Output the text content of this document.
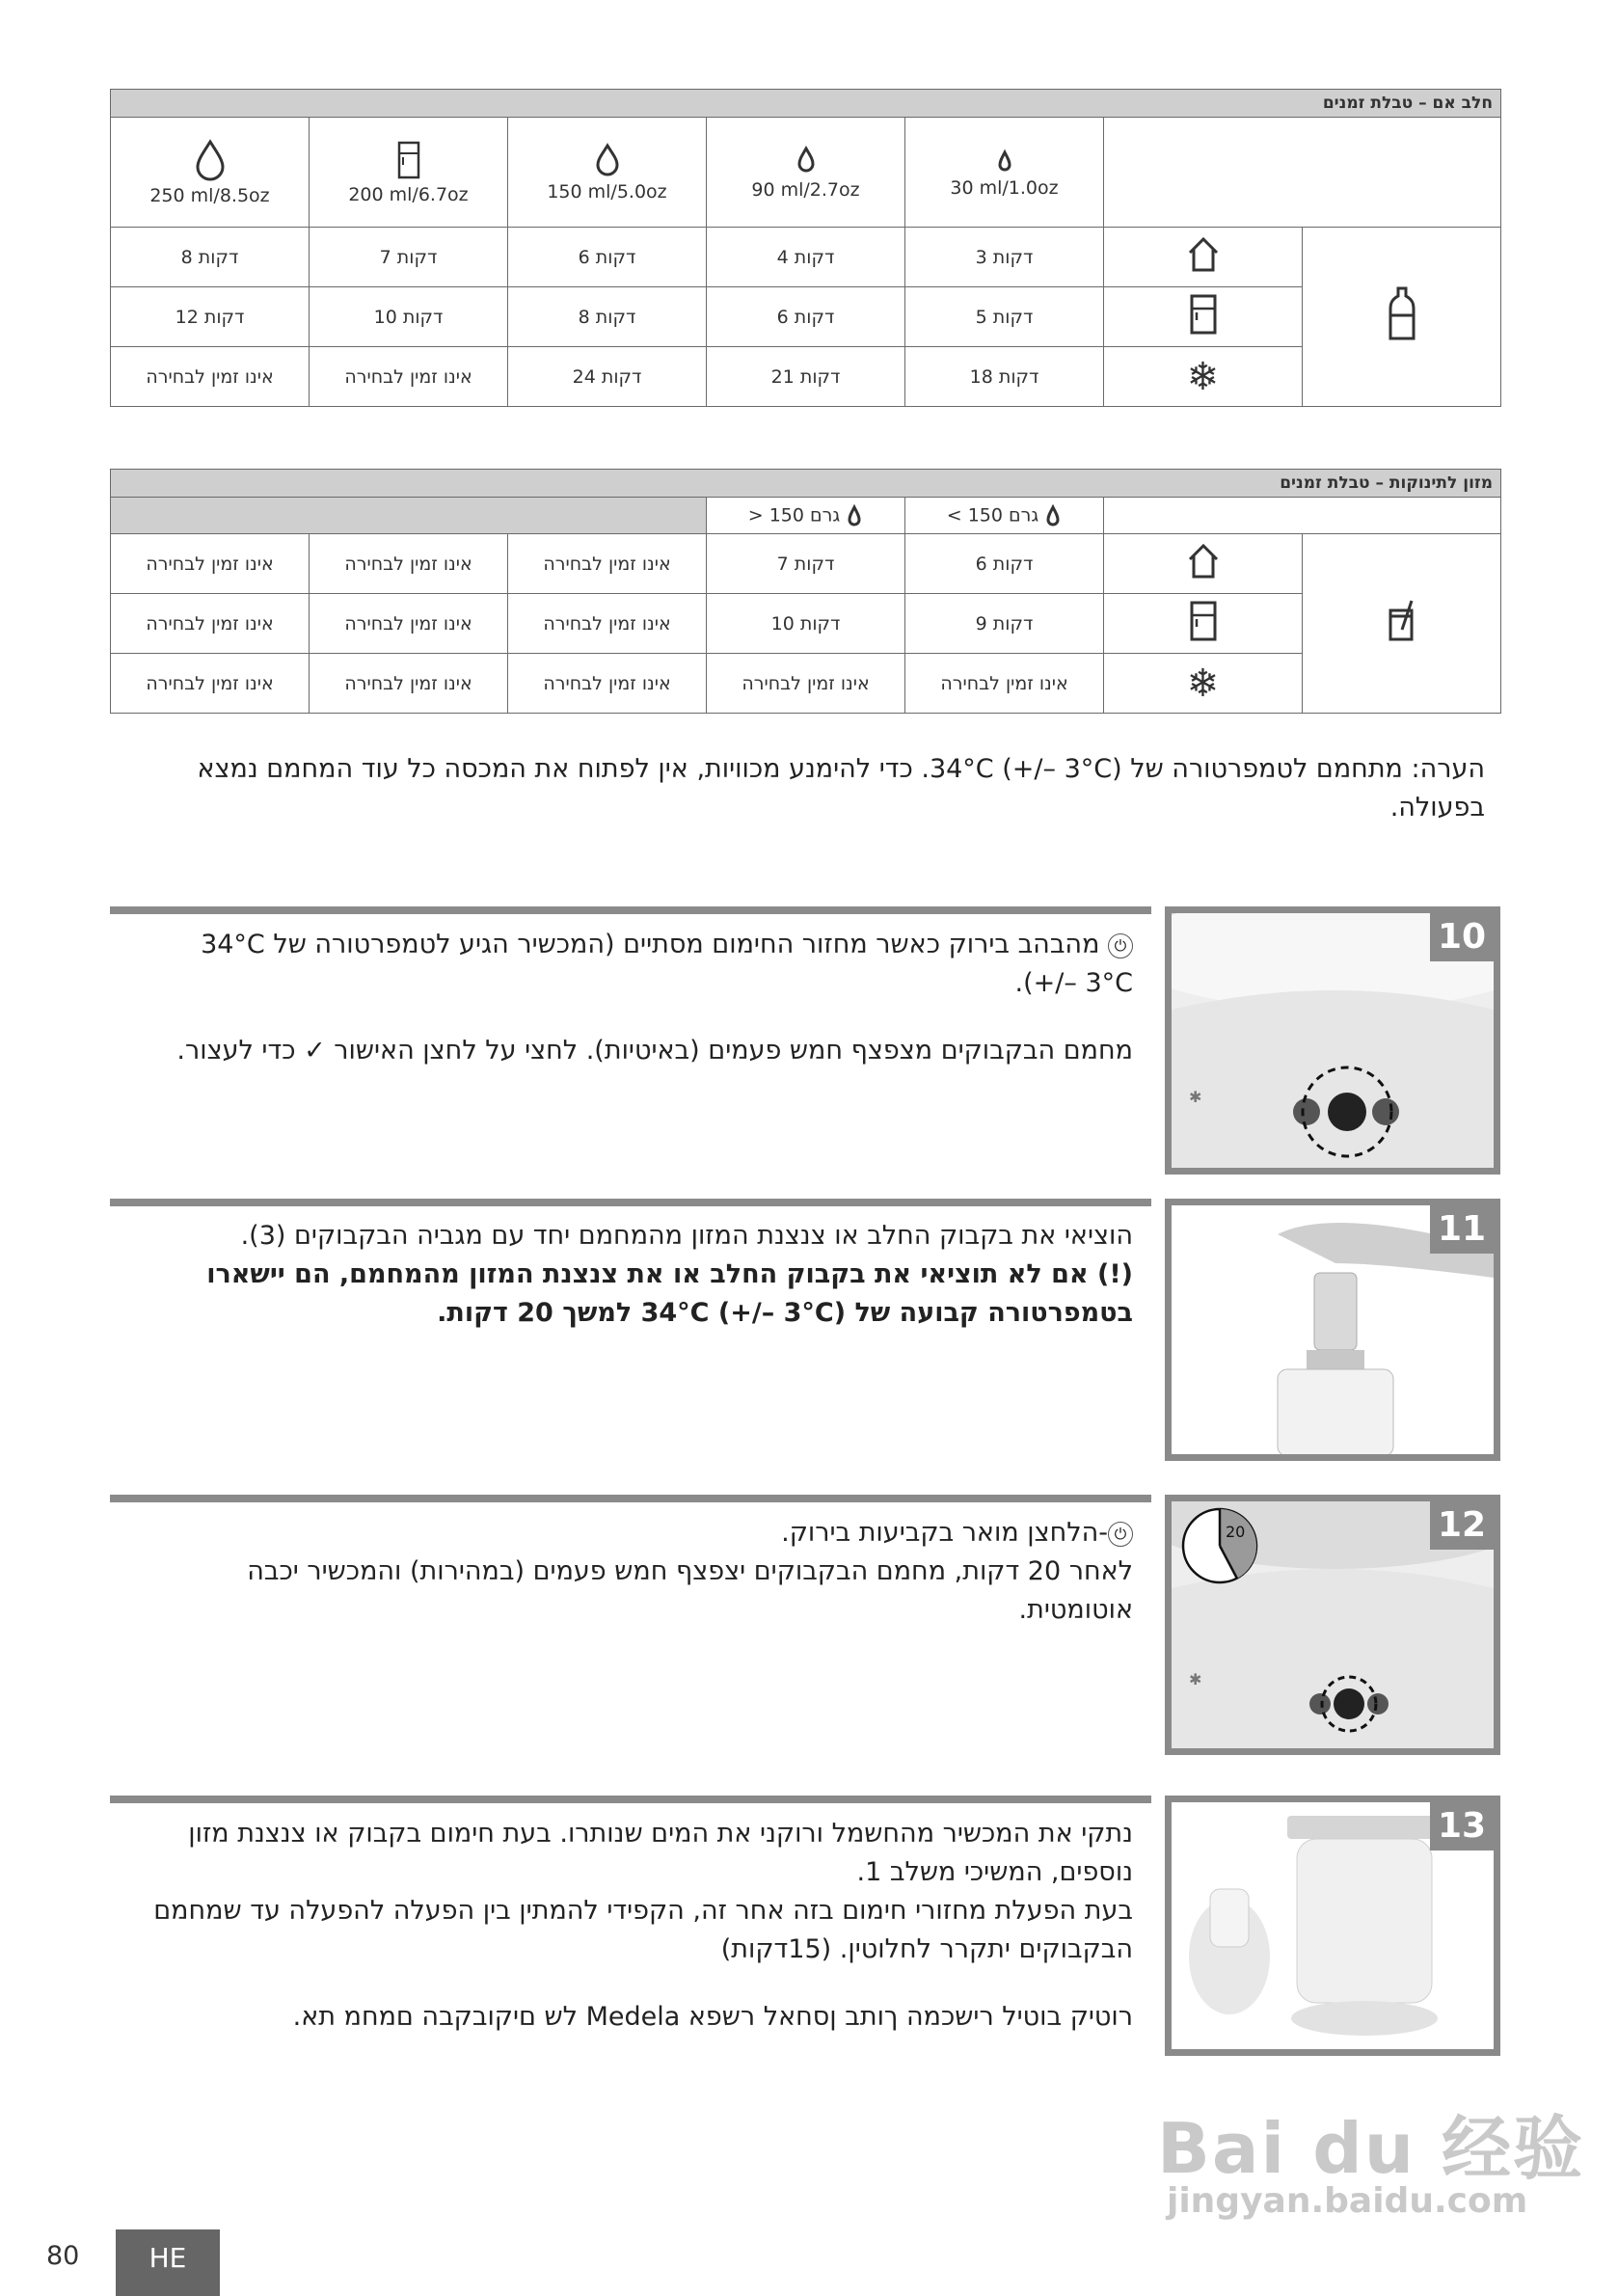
חלב אם – טבלת זמנים						

250 ml/8.5oz	200 ml/6.7oz	150 ml/5.0oz	90 ml/2.7oz	30 ml/1.0oz		
8 דקות	7 דקות	6 דקות	4 דקות	3 דקות		
12 דקות	10 דקות	8 דקות	6 דקות	5 דקות	
אינו זמין לבחירה	אינו זמין לבחירה	24 דקות	21 דקות	18 דקות	❄	
מזון לתינוקות – טבלת זמנים						
			> 150 גרם	< 150 גרם		
אינו זמין לבחירה	אינו זמין לבחירה	אינו זמין לבחירה	7 דקות	6 דקות		
אינו זמין לבחירה	אינו זמין לבחירה	אינו זמין לבחירה	10 דקות	9 דקות	
אינו זמין לבחירה	אינו זמין לבחירה	אינו זמין לבחירה	אינו זמין לבחירה	אינו זמין לבחירה	❄	
הערה: מתחמם לטמפרטורה של (34°C (+/– 3°C. כדי להימנע מכוויות, אין לפתוח את המכסה כל עוד המחמם נמצא בפעולה.
✱
10
⏻ מהבהב בירוק כאשר מחזור החימום מסתיים (המכשיר הגיע לטמפרטורה של 34°C +/– 3°C).
מחמם הבקבוקים מצפצף חמש פעמים (באיטיות). לחצי על לחצן האישור ✓ כדי לעצור.
11
הוציאי את בקבוק החלב או צנצנת המזון מהמחמם יחד עם מגביה הבקבוקים (3).
(!) אם לא תוציאי את בקבוק החלב או את צנצנת המזון מהמחמם, הם יישארו בטמפרטורה קבועה של 34°C (+/– 3°C) למשך 20 דקות.
✱
20	12
⏻-הלחצן מואר בקביעות בירוק.
לאחר 20 דקות, מחמם הבקבוקים יצפצף חמש פעמים (במהירות) והמכשיר יכבה אוטומטית.
13
נתקי את המכשיר מהחשמל ורוקני את המים שנותרו. בעת חימום בקבוק או צנצנת מזון נוספים, המשיכי משלב 1.
בעת הפעלת מחזורי חימום בזה אחר זה, הקפידי להמתין בין הפעלה להפעלה עד שמחמם הבקבוקים יתקרר לחלוטין. (15דקות)
רוטיק בוטיל רישכמה ךותב ןסחאל רשפא Medela לש םיקובקבה םמחמ תא.
Bai du 经验
jingyan.baidu.com
80	HE
